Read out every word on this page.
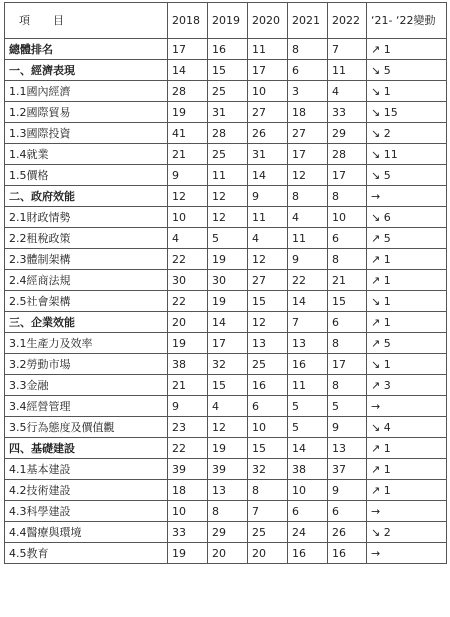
項　目	2018	2019	2020	2021	2022	‘21- ‘22變動
總體排名	17	16	11	8	7	↗ 1
一、經濟表現	14	15	17	6	11	↘ 5
1.1國內經濟	28	25	10	3	4	↘ 1
1.2國際貿易	19	31	27	18	33	↘ 15
1.3國際投資	41	28	26	27	29	↘ 2
1.4就業	21	25	31	17	28	↘ 11
1.5價格	9	11	14	12	17	↘ 5
二、政府效能	12	12	9	8	8	→
2.1財政情勢	10	12	11	4	10	↘ 6
2.2租稅政策	4	5	4	11	6	↗ 5
2.3體制架構	22	19	12	9	8	↗ 1
2.4經商法規	30	30	27	22	21	↗ 1
2.5社會架構	22	19	15	14	15	↘ 1
三、企業效能	20	14	12	7	6	↗ 1
3.1生產力及效率	19	17	13	13	8	↗ 5
3.2勞動市場	38	32	25	16	17	↘ 1
3.3金融	21	15	16	11	8	↗ 3
3.4經營管理	9	4	6	5	5	→
3.5行為態度及價值觀	23	12	10	5	9	↘ 4
四、基礎建設	22	19	15	14	13	↗ 1
4.1基本建設	39	39	32	38	37	↗ 1
4.2技術建設	18	13	8	10	9	↗ 1
4.3科學建設	10	8	7	6	6	→
4.4醫療與環境	33	29	25	24	26	↘ 2
4.5教育	19	20	20	16	16	→
